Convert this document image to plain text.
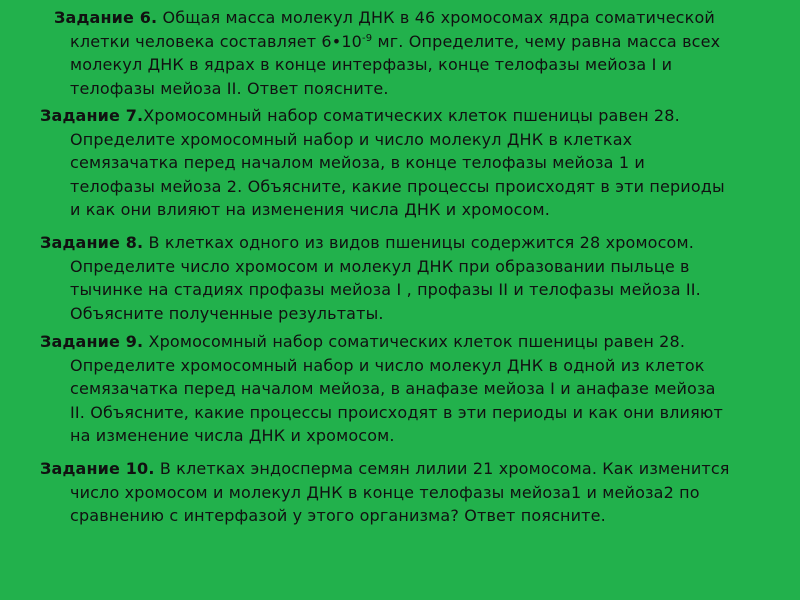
Задание 6. Общая масса молекул ДНК в 46 хромосомах ядра соматической
клетки человека составляет $6•10^{-9}$ мг. Определите, чему равна масса всех
молекул ДНК в ядрах в конце интерфазы, конце телофазы мейоза I и
телофазы мейоза II. Ответ поясните.

Задание 7.Хромосомный набор соматических клеток пшеницы равен 28.
Определите хромосомный набор и число молекул ДНК в клетках
семязачатка перед началом мейоза, в конце телофазы мейоза 1 и
телофазы мейоза 2. Объясните, какие процессы происходят в эти периоды
и как они влияют на изменения числа ДНК и хромосом.

Задание 8. В клетках одного из видов пшеницы содержится 28 хромосом.
Определите число хромосом и молекул ДНК при образовании пыльце в
тычинке на стадиях профазы мейоза I , профазы II и телофазы мейоза II.
Объясните полученные результаты.

Задание 9. Хромосомный набор соматических клеток пшеницы равен 28.
Определите хромосомный набор и число молекул ДНК в одной из клеток
семязачатка перед началом мейоза, в анафазе мейоза I и анафазе мейоза
II. Объясните, какие процессы происходят в эти периоды и как они влияют
на изменение числа ДНК и хромосом.

Задание 10. В клетках эндосперма семян лилии 21 хромосома. Как изменится
число хромосом и молекул ДНК в конце телофазы мейоза1 и мейоза2 по
сравнению с интерфазой у этого организма? Ответ поясните.
